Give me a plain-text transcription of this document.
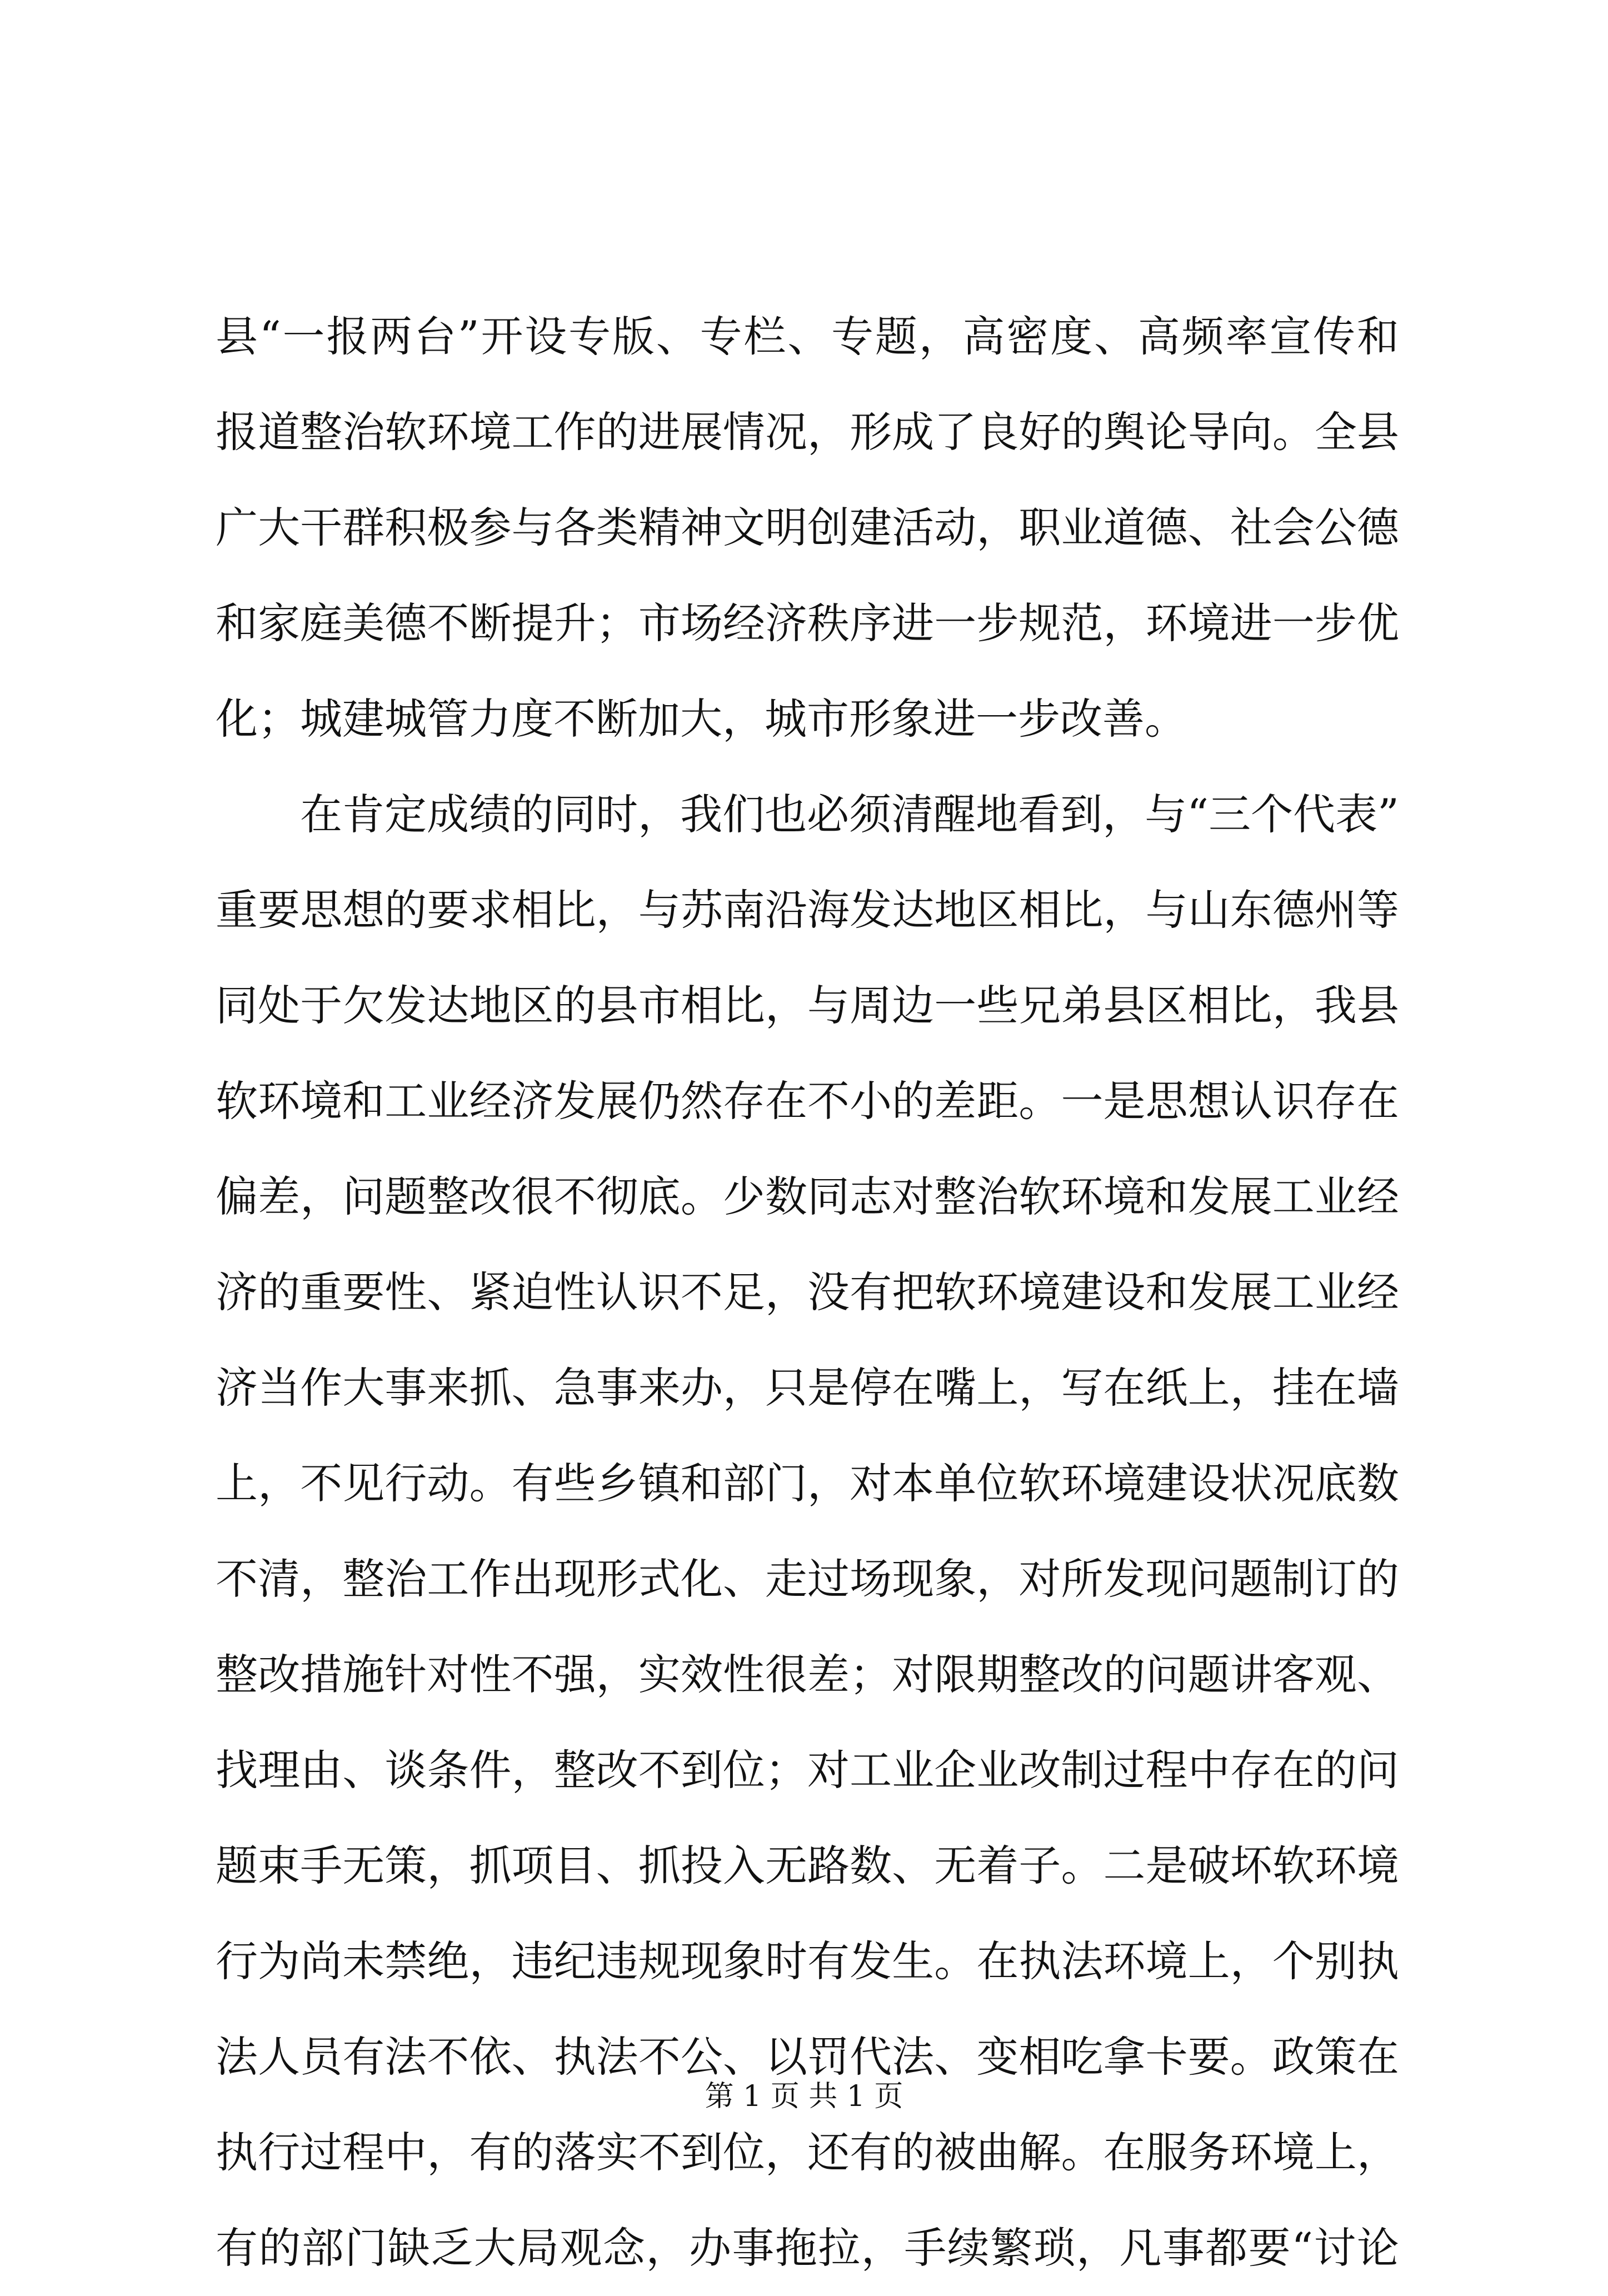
县“一报两台”开设专版、专栏、专题，高密度、高频率宣传和
报道整治软环境工作的进展情况，形成了良好的舆论导向。全县
广大干群积极参与各类精神文明创建活动，职业道德、社会公德
和家庭美德不断提升；市场经济秩序进一步规范，环境进一步优
化；城建城管力度不断加大，城市形象进一步改善。
在肯定成绩的同时，我们也必须清醒地看到，与“三个代表”
重要思想的要求相比，与苏南沿海发达地区相比，与山东德州等
同处于欠发达地区的县市相比，与周边一些兄弟县区相比，我县
软环境和工业经济发展仍然存在不小的差距。一是思想认识存在
偏差，问题整改很不彻底。少数同志对整治软环境和发展工业经
济的重要性、紧迫性认识不足，没有把软环境建设和发展工业经
济当作大事来抓、急事来办，只是停在嘴上，写在纸上，挂在墙
上，不见行动。有些乡镇和部门，对本单位软环境建设状况底数
不清，整治工作出现形式化、走过场现象，对所发现问题制订的
整改措施针对性不强，实效性很差；对限期整改的问题讲客观、
找理由、谈条件，整改不到位；对工业企业改制过程中存在的问
题束手无策，抓项目、抓投入无路数、无着子。二是破坏软环境
行为尚未禁绝，违纪违规现象时有发生。在执法环境上，个别执
法人员有法不依、执法不公、以罚代法、变相吃拿卡要。政策在
执行过程中，有的落实不到位，还有的被曲解。在服务环境上，
有的部门缺乏大局观念，办事拖拉，手续繁琐，凡事都要“讨论
第 1 页 共 1 页
